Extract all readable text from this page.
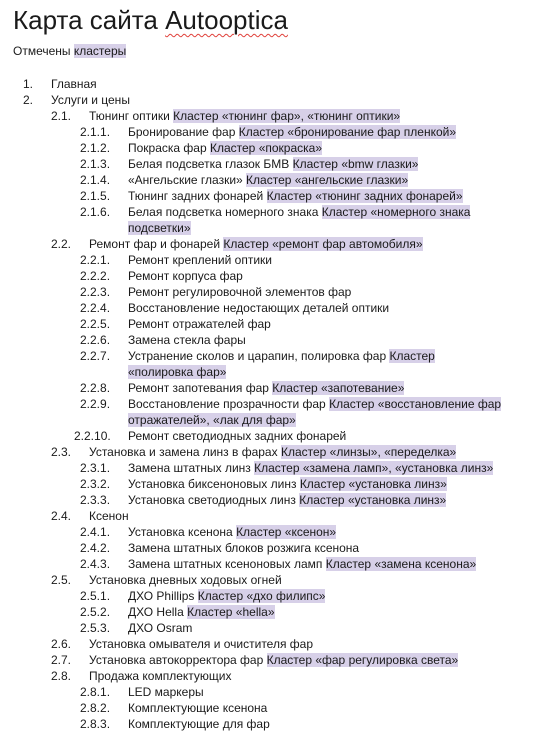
Карта сайта Autooptica
Отмечены кластеры
1. Главная
2. Услуги и цены
2.1. Тюнинг оптики Кластер «тюнинг фар», «тюнинг оптики»
2.1.1. Бронирование фар Кластер «бронирование фар пленкой»
2.1.2. Покраска фар Кластер «покраска»
2.1.3. Белая подсветка глазок БМВ Кластер «bmw глазки»
2.1.4. «Ангельские глазки» Кластер «ангельские глазки»
2.1.5. Тюнинг задних фонарей Кластер «тюнинг задних фонарей»
2.1.6. Белая подсветка номерного знака Кластер «номерного знака
подсветки»
2.2. Ремонт фар и фонарей Кластер «ремонт фар автомобиля»
2.2.1. Ремонт креплений оптики
2.2.2. Ремонт корпуса фар
2.2.3. Ремонт регулировочной элементов фар
2.2.4. Восстановление недостающих деталей оптики
2.2.5. Ремонт отражателей фар
2.2.6. Замена стекла фары
2.2.7. Устранение сколов и царапин, полировка фар Кластер
«полировка фар»
2.2.8. Ремонт запотевания фар Кластер «запотевание»
2.2.9. Восстановление прозрачности фар Кластер «восстановление фар
отражателей», «лак для фар»
2.2.10. Ремонт светодиодных задних фонарей
2.3. Установка и замена линз в фарах Кластер «линзы», «переделка»
2.3.1. Замена штатных линз Кластер «замена ламп», «установка линз»
2.3.2. Установка биксеноновых линз Кластер «установка линз»
2.3.3. Установка светодиодных линз Кластер «установка линз»
2.4. Ксенон
2.4.1. Установка ксенона Кластер «ксенон»
2.4.2. Замена штатных блоков розжига ксенона
2.4.3. Замена штатных ксеноновых ламп Кластер «замена ксенона»
2.5. Установка дневных ходовых огней
2.5.1. ДХО Phillips Кластер «дхо филипс»
2.5.2. ДХО Hella Кластер «hella»
2.5.3. ДХО Osram
2.6. Установка омывателя и очистителя фар
2.7. Установка автокорректора фар Кластер «фар регулировка света»
2.8. Продажа комплектующих
2.8.1. LED маркеры
2.8.2. Комплектующие ксенона
2.8.3. Комплектующие для фар
